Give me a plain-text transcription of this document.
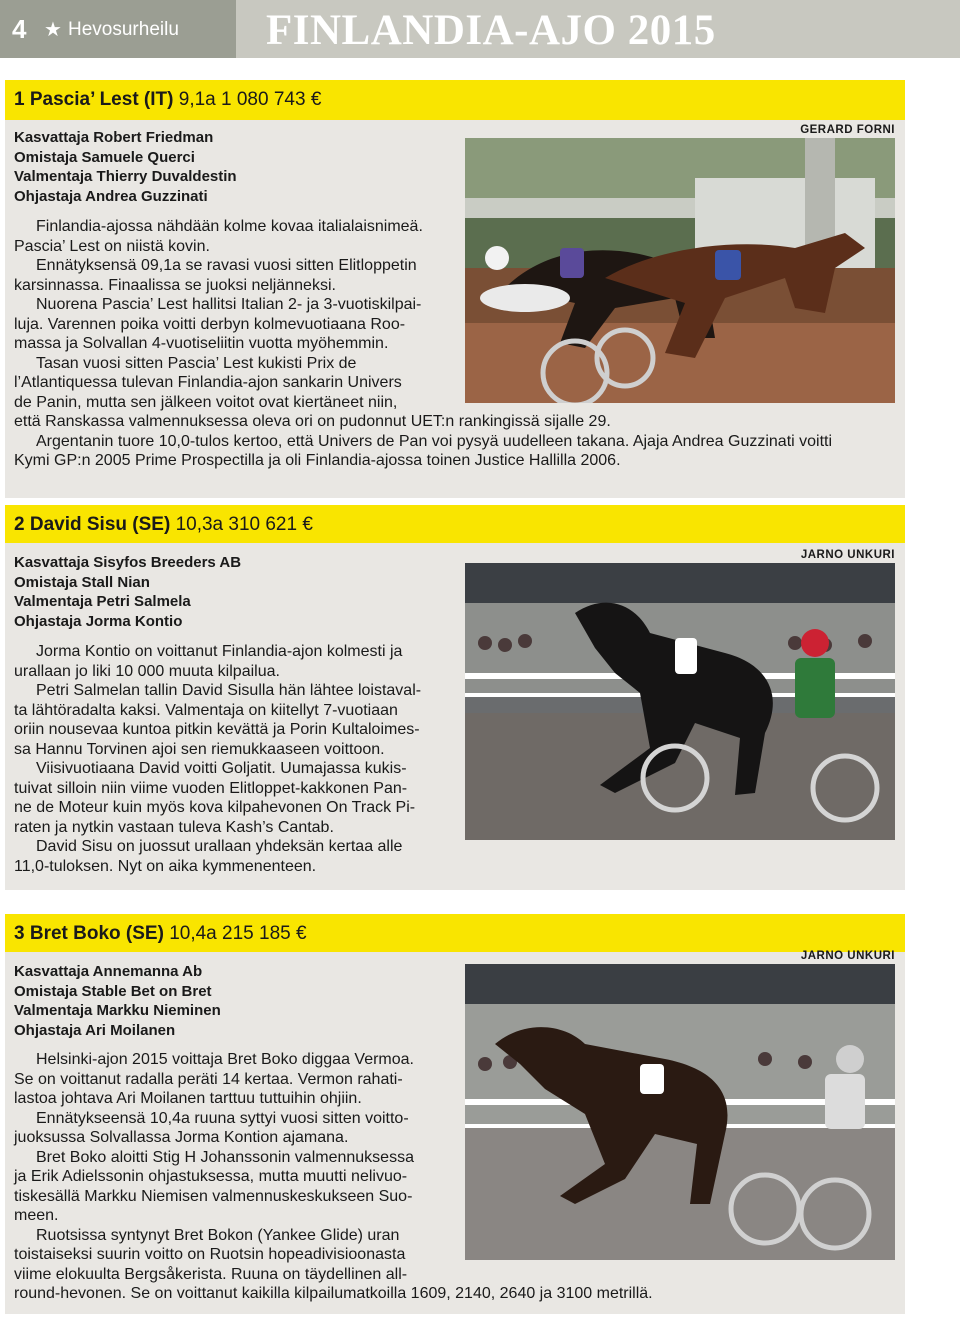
4 ★ Hevosurheilu FINLANDIA-AJO 2015
1 Pascia’ Lest (IT) 9,1a 1 080 743 €
Kasvattaja Robert Friedman
Omistaja Samuele Querci
Valmentaja Thierry Duvaldestin
Ohjastaja Andrea Guzzinati
GERARD FORNI
Finlandia-ajossa nähdään kolme kovaa italialaisnimeä.
Pascia’ Lest on niistä kovin.
Ennätyksensä 09,1a se ravasi vuosi sitten Elitloppetin
karsinnassa. Finaalissa se juoksi neljänneksi.
Nuorena Pascia’ Lest hallitsi Italian 2- ja 3-vuotiskilpai-
luja. Varennen poika voitti derbyn kolmevuotiaana Roo-
massa ja Solvallan 4-vuotiseliitin vuotta myöhemmin.
Tasan vuosi sitten Pascia’ Lest kukisti Prix de
l’Atlantiquessa tulevan Finlandia-ajon sankarin Univers
de Panin, mutta sen jälkeen voitot ovat kiertäneet niin,
että Ranskassa valmennuksessa oleva ori on pudonnut UET:n rankingissä sijalle 29.
Argentanin tuore 10,0-tulos kertoo, että Univers de Pan voi pysyä uudelleen takana. Ajaja Andrea Guzzinati voitti
Kymi GP:n 2005 Prime Prospectilla ja oli Finlandia-ajossa toinen Justice Hallilla 2006.
2 David Sisu (SE) 10,3a 310 621 €
Kasvattaja Sisyfos Breeders AB
Omistaja Stall Nian
Valmentaja Petri Salmela
Ohjastaja Jorma Kontio
JARNO UNKURI
Jorma Kontio on voittanut Finlandia-ajon kolmesti ja
urallaan jo liki 10 000 muuta kilpailua.
Petri Salmelan tallin David Sisulla hän lähtee loistaval-
ta lähtöradalta kaksi. Valmentaja on kiitellyt 7-vuotiaan
oriin nousevaa kuntoa pitkin kevättä ja Porin Kultaloimes-
sa Hannu Torvinen ajoi sen riemukkaaseen voittoon.
Viisivuotiaana David voitti Goljatit. Uumajassa kukis-
tuivat silloin niin viime vuoden Elitloppet-kakkonen Pan-
ne de Moteur kuin myös kova kilpahevonen On Track Pi-
raten ja nytkin vastaan tuleva Kash’s Cantab.
David Sisu on juossut urallaan yhdeksän kertaa alle
11,0-tuloksen. Nyt on aika kymmenenteen.
3 Bret Boko (SE) 10,4a 215 185 €
Kasvattaja Annemanna Ab
Omistaja Stable Bet on Bret
Valmentaja Markku Nieminen
Ohjastaja Ari Moilanen
JARNO UNKURI
Helsinki-ajon 2015 voittaja Bret Boko diggaa Vermoa.
Se on voittanut radalla peräti 14 kertaa. Vermon rahati-
lastoa johtava Ari Moilanen tarttuu tuttuihin ohjiin.
Ennätykseensä 10,4a ruuna syttyi vuosi sitten voitto-
juoksussa Solvallassa Jorma Kontion ajamana.
Bret Boko aloitti Stig H Johanssonin valmennuksessa
ja Erik Adielssonin ohjastuksessa, mutta muutti nelivuo-
tiskesällä Markku Niemisen valmennuskeskukseen Suo-
meen.
Ruotsissa syntynyt Bret Bokon (Yankee Glide) uran
toistaiseksi suurin voitto on Ruotsin hopeadivisioonasta
viime elokuulta Bergsåkerista. Ruuna on täydellinen all-
round-hevonen. Se on voittanut kaikilla kilpailumatkoilla 1609, 2140, 2640 ja 3100 metrillä.
